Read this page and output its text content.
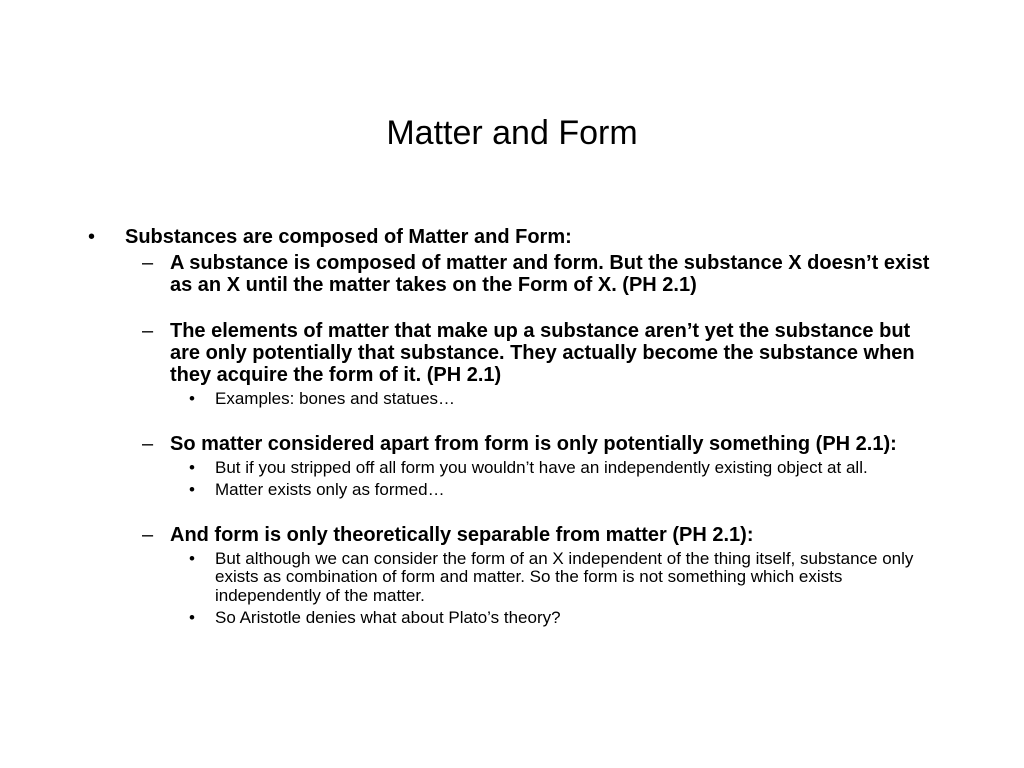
Matter and Form
• Substances are composed of Matter and Form:
– A substance is composed of matter and form. But the substance X doesn’t exist as an X until the matter takes on the Form of X. (PH 2.1)
– The elements of matter that make up a substance aren’t yet the substance but are only potentially that substance. They actually become the substance when they acquire the form of it. (PH 2.1)
• Examples: bones and statues…
– So matter considered apart from form is only potentially something (PH 2.1):
• But if you stripped off all form you wouldn’t have an independently existing object at all.
• Matter exists only as formed…
– And form is only theoretically separable from matter (PH 2.1):
• But although we can consider the form of an X independent of the thing itself, substance only exists as combination of form and matter. So the form is not something which exists independently of the matter.
• So Aristotle denies what about Plato’s theory?
